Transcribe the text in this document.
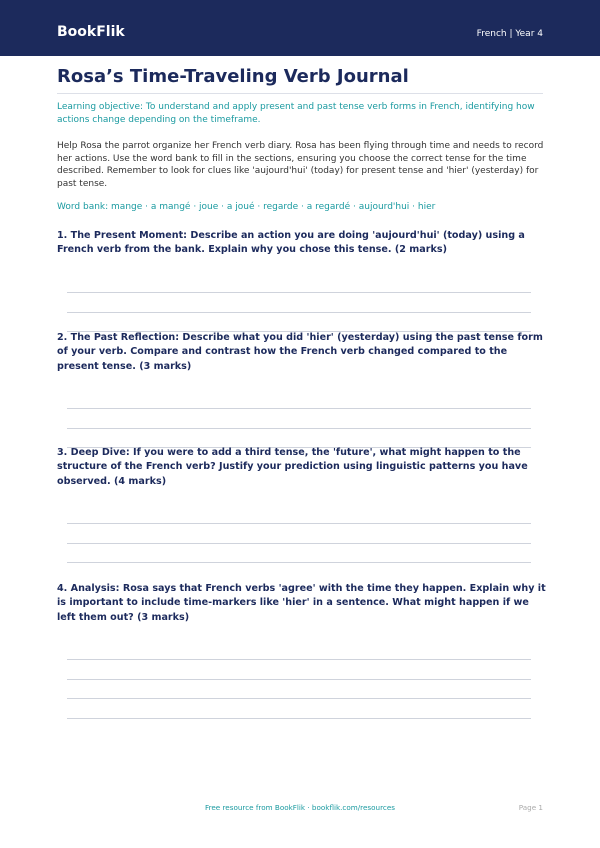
BookFlik	French | Year 4
Rosa’s Time-Traveling Verb Journal
Learning objective: To understand and apply present and past tense verb forms in French, identifying how actions change depending on the timeframe.
Help Rosa the parrot organize her French verb diary. Rosa has been flying through time and needs to record her actions. Use the word bank to fill in the sections, ensuring you choose the correct tense for the time described. Remember to look for clues like 'aujourd'hui' (today) for present tense and 'hier' (yesterday) for past tense.
Word bank: mange · a mangé · joue · a joué · regarde · a regardé · aujourd'hui · hier
1. The Present Moment: Describe an action you are doing 'aujourd'hui' (today) using a French verb from the bank. Explain why you chose this tense. (2 marks)
2. The Past Reflection: Describe what you did 'hier' (yesterday) using the past tense form of your verb. Compare and contrast how the French verb changed compared to the present tense. (3 marks)
3. Deep Dive: If you were to add a third tense, the 'future', what might happen to the structure of the French verb? Justify your prediction using linguistic patterns you have observed. (4 marks)
4. Analysis: Rosa says that French verbs 'agree' with the time they happen. Explain why it is important to include time-markers like 'hier' in a sentence. What might happen if we left them out? (3 marks)
Free resource from BookFlik · bookflik.com/resources	Page 1
